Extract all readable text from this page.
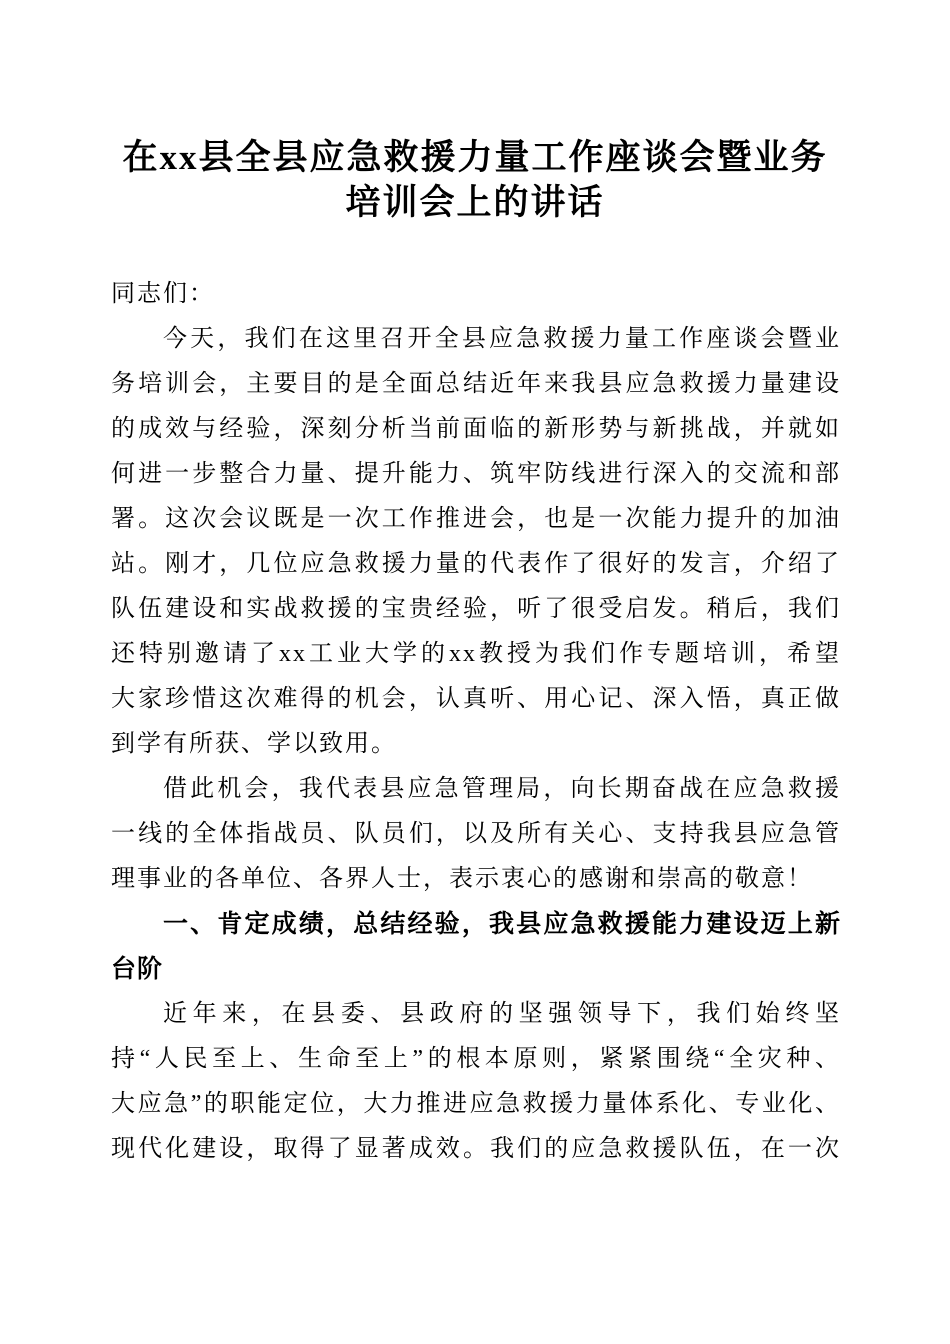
在xx县全县应急救援力量工作座谈会暨业务
培训会上的讲话
同志们：
今天，我们在这里召开全县应急救援力量工作座谈会暨业
务培训会，主要目的是全面总结近年来我县应急救援力量建设
的成效与经验，深刻分析当前面临的新形势与新挑战，并就如
何进一步整合力量、提升能力、筑牢防线进行深入的交流和部
署。这次会议既是一次工作推进会，也是一次能力提升的加油
站。刚才，几位应急救援力量的代表作了很好的发言，介绍了
队伍建设和实战救援的宝贵经验，听了很受启发。稍后，我们
还特别邀请了xx工业大学的xx教授为我们作专题培训，希望
大家珍惜这次难得的机会，认真听、用心记、深入悟，真正做
到学有所获、学以致用。
借此机会，我代表县应急管理局，向长期奋战在应急救援
一线的全体指战员、队员们，以及所有关心、支持我县应急管
理事业的各单位、各界人士，表示衷心的感谢和崇高的敬意！
一、肯定成绩，总结经验，我县应急救援能力建设迈上新
台阶
近年来，在县委、县政府的坚强领导下，我们始终坚
持“人民至上、生命至上”的根本原则，紧紧围绕“全灾种、
大应急”的职能定位，大力推进应急救援力量体系化、专业化、
现代化建设，取得了显著成效。我们的应急救援队伍，在一次
